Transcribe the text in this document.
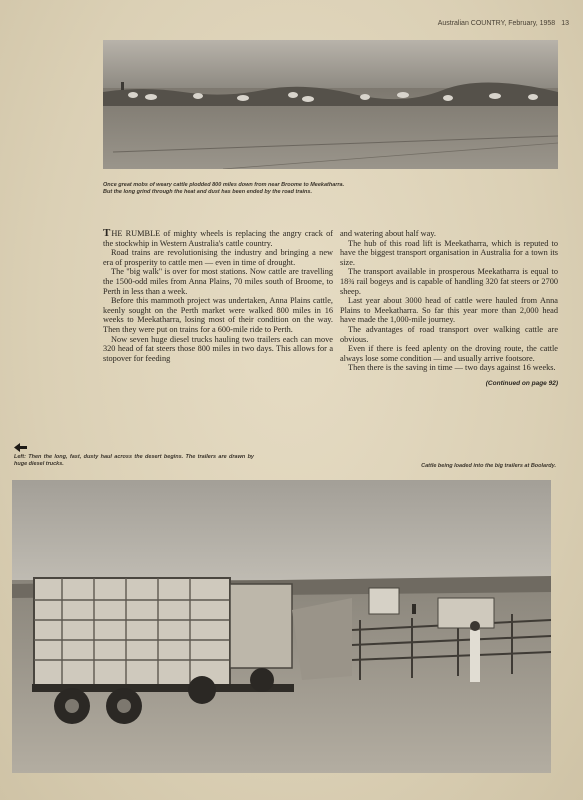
Australian COUNTRY, February, 1958 13
Once great mobs of weary cattle plodded 800 miles down from near Broome to Meekatharra.
But the long grind through the heat and dust has been ended by the road trains.

T HE RUMBLE of mighty wheels is replacing the angry crack of the stockwhip in Western Australia's cattle country.

Road trains are revolutionising the industry and bringing a new era of prosperity to cattle men — even in time of drought.

The "big walk" is over for most stations. Now cattle are travelling the 1500-odd miles from Anna Plains, 70 miles south of Broome, to Perth in less than a week.

Before this mammoth project was undertaken, Anna Plains cattle, keenly sought on the Perth market were walked 800 miles in 16 weeks to Meekatharra, losing most of their condition on the way. Then they were put on trains for a 600-mile ride to Perth.

Now seven huge diesel trucks hauling two trailers each can move 320 head of fat steers those 800 miles in two days. This allows for a stopover for feeding

and watering about half way.

The hub of this road lift is Meekatharra, which is reputed to have the biggest transport organisation in Australia for a town its size.

The transport available in prosperous Meekatharra is equal to 18¾ rail bogeys and is capable of handling 320 fat steers or 2700 sheep.

Last year about 3000 head of cattle were hauled from Anna Plains to Meekatharra. So far this year more than 2,000 head have made the 1,000-mile journey.

The advantages of road transport over walking cattle are obvious.

Even if there is feed aplenty on the droving route, the cattle always lose some condition — and usually arrive footsore.

Then there is the saving in time — two days against 16 weeks.

(Continued on page 92)
Left: Then the long, fast, dusty haul across the desert begins. The trailers are drawn by huge diesel trucks.	Cattle being loaded into the big trailers at Boolardy.
